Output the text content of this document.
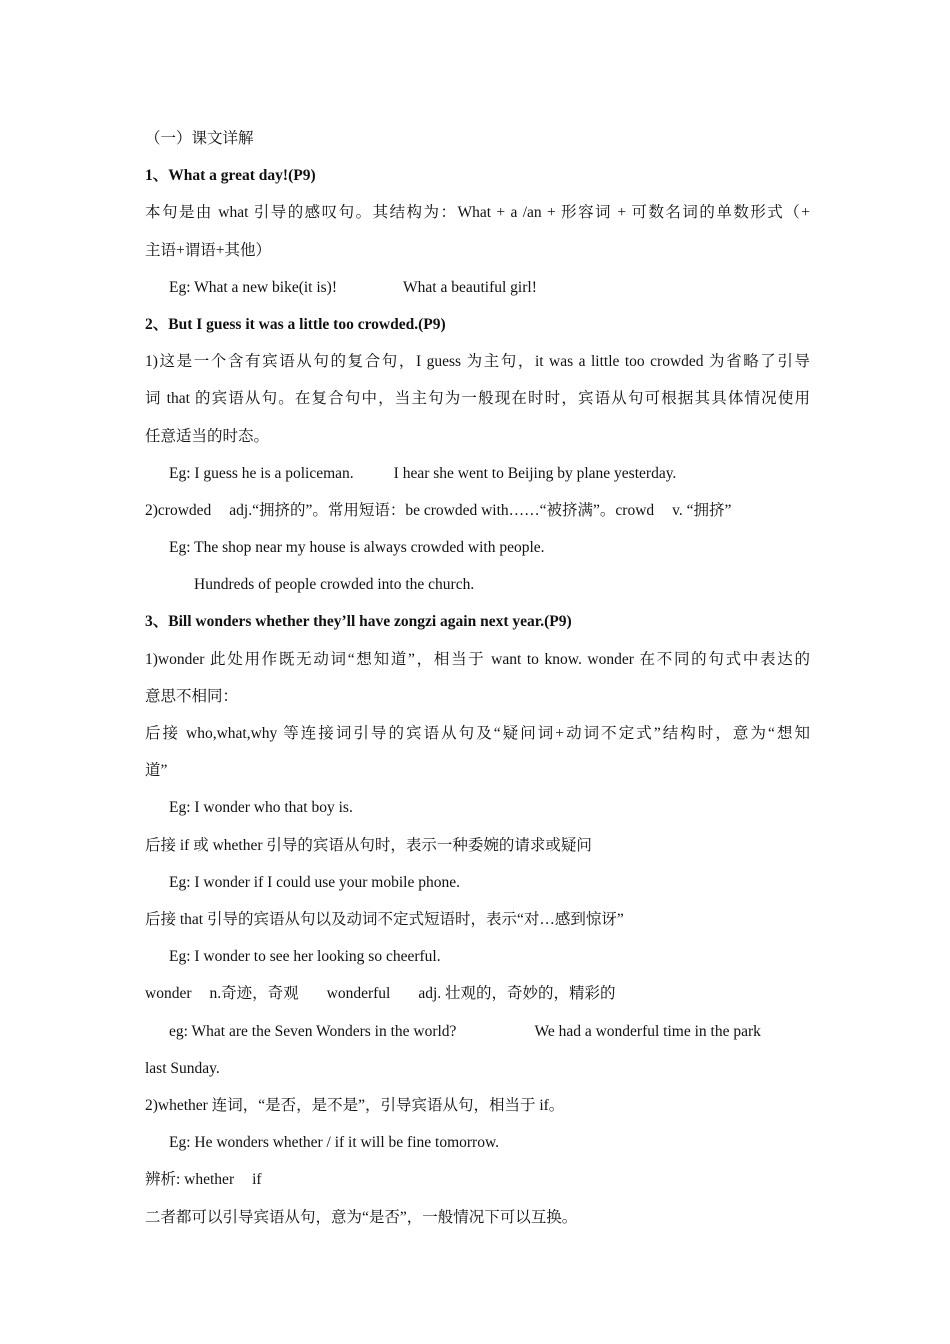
（一）课文详解
1、What a great day!(P9)
本句是由 what 引导的感叹句。其结构为：What + a /an + 形容词 + 可数名词的单数形式（+
主语+谓语+其他）
Eg: What a new bike(it is)!	What a beautiful girl!
2、But I guess it was a little too crowded.(P9)
1)这是一个含有宾语从句的复合句，I guess 为主句，it was a little too crowded 为省略了引导
词 that 的宾语从句。在复合句中，当主句为一般现在时时，宾语从句可根据其具体情况使用
任意适当的时态。
Eg: I guess he is a policeman.	I hear she went to Beijing by plane yesterday.
2)crowded adj.“拥挤的”。常用短语：be crowded with……“被挤满”。crowd v. “拥挤”
Eg: The shop near my house is always crowded with people.
Hundreds of people crowded into the church.
3、Bill wonders whether they’ll have zongzi again next year.(P9)
1)wonder 此处用作既无动词“想知道”，相当于 want to know. wonder 在不同的句式中表达的
意思不相同：
后接 who,what,why 等连接词引导的宾语从句及“疑问词+动词不定式”结构时，意为“想知
道”
Eg: I wonder who that boy is.
后接 if 或 whether 引导的宾语从句时，表示一种委婉的请求或疑问
Eg: I wonder if I could use your mobile phone.
后接 that 引导的宾语从句以及动词不定式短语时，表示“对…感到惊讶”
Eg: I wonder to see her looking so cheerful.
wonder n.奇迹，奇观 wonderful adj. 壮观的，奇妙的，精彩的
eg: What are the Seven Wonders in the world?	We had a wonderful time in the park
last Sunday.
2)whether 连词，“是否，是不是”，引导宾语从句，相当于 if。
Eg: He wonders whether / if it will be fine tomorrow.
辨析: whether if
二者都可以引导宾语从句，意为“是否”，一般情况下可以互换。
